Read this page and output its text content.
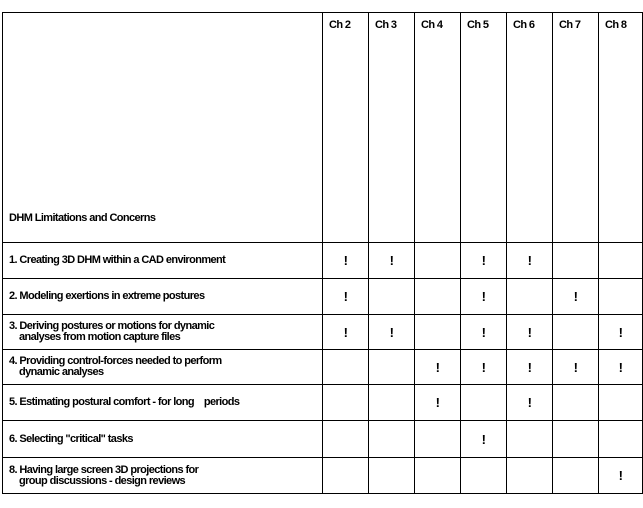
DHM Limitations and Concerns	Ch 2	Ch 3	Ch 4	Ch 5	Ch 6	Ch 7	Ch 8
1. Creating 3D DHM within a CAD environment	!	!		!	!		
2. Modeling exertions in extreme postures	!			!		!	
3. Deriving postures or motions for dynamic
analyses from motion capture files	!	!		!	!		!
4. Providing control-forces needed to perform
dynamic analyses			!	!	!	!	!
5. Estimating postural comfort - for long    periods			!		!		
6. Selecting "critical" tasks				!			
8. Having large screen 3D projections for
group discussions - design reviews							!
